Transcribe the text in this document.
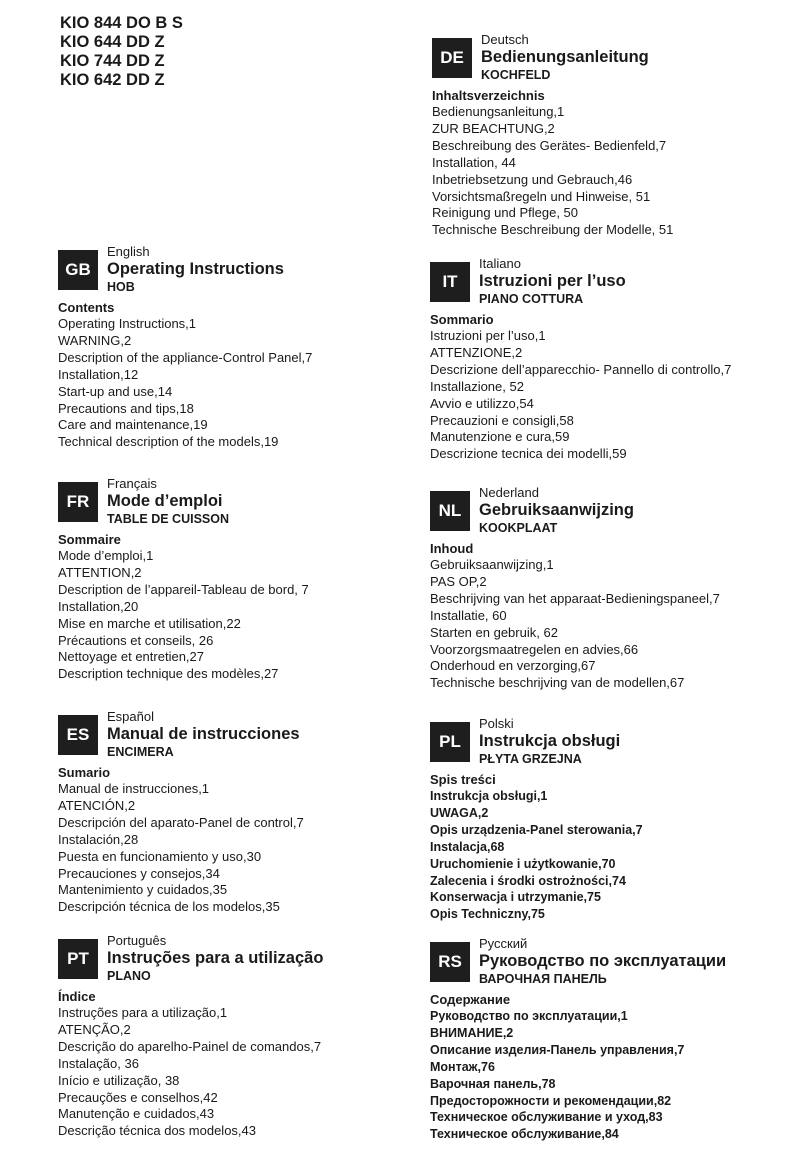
KIO 844 DO B S
KIO 644 DD Z
KIO 744 DD Z
KIO 642 DD Z
GB
English
Operating Instructions
HOB
Contents
Operating Instructions,1
WARNING,2
Description of the appliance-Control Panel,7
Installation,12
Start-up and use,14
Precautions and tips,18
Care and maintenance,19
Technical description of the models,19
FR
Français
Mode d’emploi
TABLE DE CUISSON
Sommaire
Mode d’emploi,1
ATTENTION,2
Description de l’appareil-Tableau de bord, 7
Installation,20
Mise en marche et utilisation,22
Précautions et conseils, 26
Nettoyage et entretien,27
Description technique des modèles,27
ES
Español
Manual de instrucciones
ENCIMERA
Sumario
Manual de instrucciones,1
ATENCIÓN,2
Descripción del aparato-Panel de control,7
Instalación,28
Puesta en funcionamiento y uso,30
Precauciones y consejos,34
Mantenimiento y cuidados,35
Descripción técnica de los modelos,35
PT
Português
Instruções para a utilização
PLANO
Índice
Instruções para a utilização,1
ATENÇÃO,2
Descrição do aparelho-Painel de comandos,7
Instalação, 36
Início e utilização, 38
Precauções e conselhos,42
Manutenção e cuidados,43
Descrição técnica dos modelos,43
DE
Deutsch
Bedienungsanleitung
KOCHFELD
Inhaltsverzeichnis
Bedienungsanleitung,1
ZUR BEACHTUNG,2
Beschreibung des Gerätes- Bedienfeld,7
Installation, 44
Inbetriebsetzung und Gebrauch,46
Vorsichtsmaßregeln und Hinweise, 51
Reinigung und Pflege, 50
Technische Beschreibung der Modelle, 51
IT
Italiano
Istruzioni per l’uso
PIANO COTTURA
Sommario
Istruzioni per l’uso,1
ATTENZIONE,2
Descrizione dell’apparecchio- Pannello di controllo,7
Installazione, 52
Avvio e utilizzo,54
Precauzioni e consigli,58
Manutenzione e cura,59
Descrizione tecnica dei modelli,59
NL
Nederland
Gebruiksaanwijzing
KOOKPLAAT
Inhoud
Gebruiksaanwijzing,1
PAS OP,2
Beschrijving van het apparaat-Bedieningspaneel,7
Installatie, 60
Starten en gebruik, 62
Voorzorgsmaatregelen en advies,66
Onderhoud en verzorging,67
Technische beschrijving van de modellen,67
PL
Polski
Instrukcja obsługi
PŁYTA GRZEJNA
Spis treści
Instrukcja obsługi,1
UWAGA,2
Opis urządzenia-Panel sterowania,7
Instalacja,68
Uruchomienie i użytkowanie,70
Zalecenia i środki ostrożności,74
Konserwacja i utrzymanie,75
Opis Techniczny,75
RS
Русский
Руководство по эксплуатации
ВАРОЧНАЯ ПАНЕЛЬ
Содержание
Руководство по эксплуатации,1
ВНИМАНИЕ,2
Описание изделия-Панель управления,7
Монтаж,76
Варочная панель,78
Предосторожности и рекомендации,82
Техническое обслуживание и уход,83
Техническое обслуживание,84
